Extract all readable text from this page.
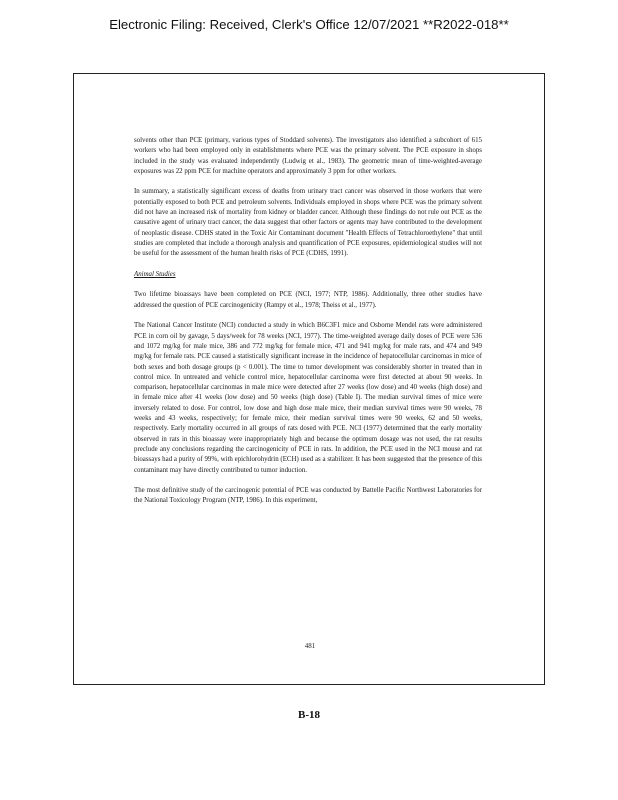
Electronic Filing: Received, Clerk's Office 12/07/2021 **R2022-018**

solvents other than PCE (primary, various types of Stoddard solvents). The investigators also identified a subcohort of 615 workers who had been employed only in establishments where PCE was the primary solvent. The PCE exposure in shops included in the study was evaluated independently (Ludwig et al., 1983). The geometric mean of time-weighted-average exposures was 22 ppm PCE for machine operators and approximately 3 ppm for other workers.

In summary, a statistically significant excess of deaths from urinary tract cancer was observed in those workers that were potentially exposed to both PCE and petroleum solvents. Individuals employed in shops where PCE was the primary solvent did not have an increased risk of mortality from kidney or bladder cancer. Although these findings do not rule out PCE as the causative agent of urinary tract cancer, the data suggest that other factors or agents may have contributed to the development of neoplastic disease. CDHS stated in the Toxic Air Contaminant document "Health Effects of Tetrachloroethylene" that until studies are completed that include a thorough analysis and quantification of PCE exposures, epidemiological studies will not be useful for the assessment of the human health risks of PCE (CDHS, 1991).

Animal Studies

Two lifetime bioassays have been completed on PCE (NCI, 1977; NTP, 1986). Additionally, three other studies have addressed the question of PCE carcinogenicity (Rampy et al., 1978; Theiss et al., 1977).

The National Cancer Institute (NCI) conducted a study in which B6C3F1 mice and Osborne Mendel rats were administered PCE in corn oil by gavage, 5 days/week for 78 weeks (NCI, 1977). The time-weighted average daily doses of PCE were 536 and 1072 mg/kg for male mice, 386 and 772 mg/kg for female mice, 471 and 941 mg/kg for male rats, and 474 and 949 mg/kg for female rats. PCE caused a statistically significant increase in the incidence of hepatocellular carcinomas in mice of both sexes and both dosage groups (p < 0.001). The time to tumor development was considerably shorter in treated than in control mice. In untreated and vehicle control mice, hepatocellular carcinoma were first detected at about 90 weeks. In comparison, hepatocellular carcinomas in male mice were detected after 27 weeks (low dose) and 40 weeks (high dose) and in female mice after 41 weeks (low dose) and 50 weeks (high dose) (Table I). The median survival times of mice were inversely related to dose. For control, low dose and high dose male mice, their median survival times were 90 weeks, 78 weeks and 43 weeks, respectively; for female mice, their median survival times were 90 weeks, 62 and 50 weeks, respectively. Early mortality occurred in all groups of rats dosed with PCE. NCI (1977) determined that the early mortality observed in rats in this bioassay were inappropriately high and because the optimum dosage was not used, the rat results preclude any conclusions regarding the carcinogenicity of PCE in rats. In addition, the PCE used in the NCI mouse and rat bioassays had a purity of 99%, with epichlorohydrin (ECH) used as a stabilizer. It has been suggested that the presence of this contaminant may have directly contributed to tumor induction.

The most definitive study of the carcinogenic potential of PCE was conducted by Battelle Pacific Northwest Laboratories for the National Toxicology Program (NTP, 1986). In this experiment,

481
B-18
